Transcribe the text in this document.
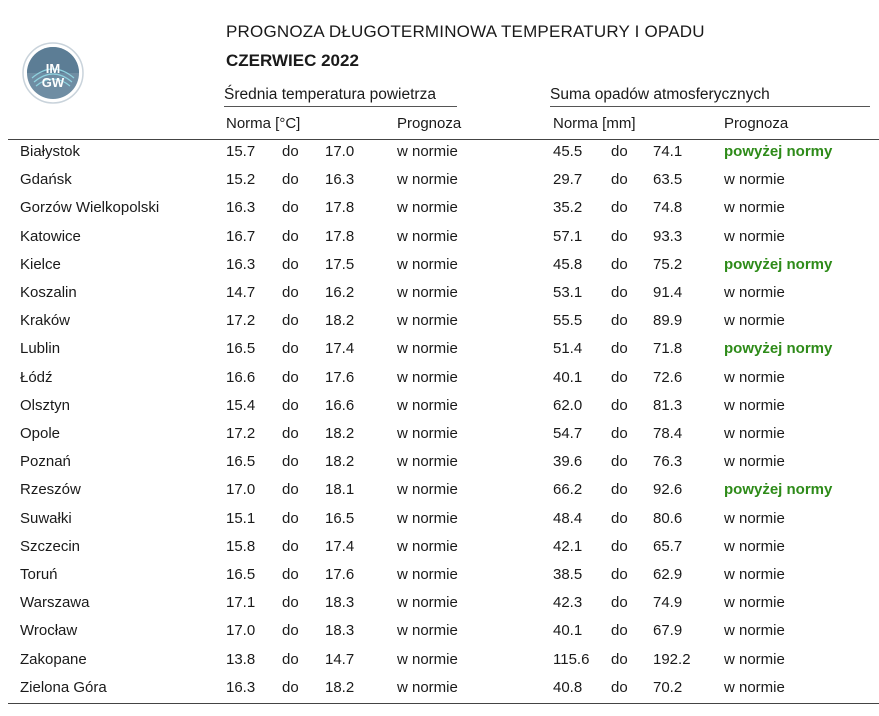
IM
GW
PROGNOZA DŁUGOTERMINOWA TEMPERATURY I OPADU
CZERWIEC 2022
Średnia temperatura powietrza	Suma opadów atmosferycznych
Norma [°C]	Prognoza	Norma [mm]	Prognoza
Białystok	15.7 do 17.0	w normie	45.5 do 74.1	powyżej normy
Gdańsk	15.2 do 16.3	w normie	29.7 do 63.5	w normie
Gorzów Wielkopolski	16.3 do 17.8	w normie	35.2 do 74.8	w normie
Katowice	16.7 do 17.8	w normie	57.1 do 93.3	w normie
Kielce	16.3 do 17.5	w normie	45.8 do 75.2	powyżej normy
Koszalin	14.7 do 16.2	w normie	53.1 do 91.4	w normie
Kraków	17.2 do 18.2	w normie	55.5 do 89.9	w normie
Lublin	16.5 do 17.4	w normie	51.4 do 71.8	powyżej normy
Łódź	16.6 do 17.6	w normie	40.1 do 72.6	w normie
Olsztyn	15.4 do 16.6	w normie	62.0 do 81.3	w normie
Opole	17.2 do 18.2	w normie	54.7 do 78.4	w normie
Poznań	16.5 do 18.2	w normie	39.6 do 76.3	w normie
Rzeszów	17.0 do 18.1	w normie	66.2 do 92.6	powyżej normy
Suwałki	15.1 do 16.5	w normie	48.4 do 80.6	w normie
Szczecin	15.8 do 17.4	w normie	42.1 do 65.7	w normie
Toruń	16.5 do 17.6	w normie	38.5 do 62.9	w normie
Warszawa	17.1 do 18.3	w normie	42.3 do 74.9	w normie
Wrocław	17.0 do 18.3	w normie	40.1 do 67.9	w normie
Zakopane	13.8 do 14.7	w normie	115.6 do 192.2 w normie
Zielona Góra	16.3 do 18.2	w normie	40.8 do 70.2	w normie
